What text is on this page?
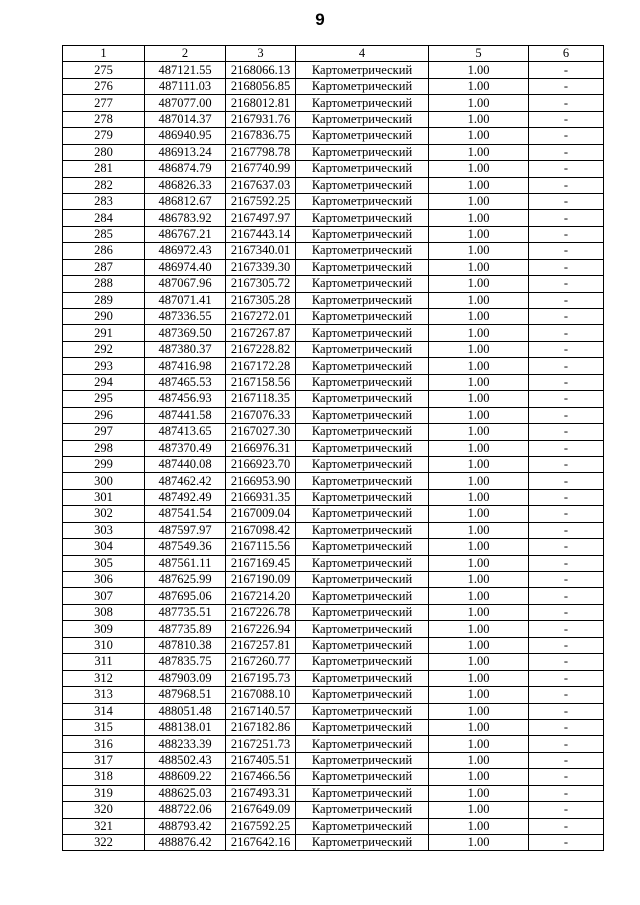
9
1	2	3	4	5	6
275	487121.55	2168066.13	Картометрический	1.00	-
276	487111.03	2168056.85	Картометрический	1.00	-
277	487077.00	2168012.81	Картометрический	1.00	-
278	487014.37	2167931.76	Картометрический	1.00	-
279	486940.95	2167836.75	Картометрический	1.00	-
280	486913.24	2167798.78	Картометрический	1.00	-
281	486874.79	2167740.99	Картометрический	1.00	-
282	486826.33	2167637.03	Картометрический	1.00	-
283	486812.67	2167592.25	Картометрический	1.00	-
284	486783.92	2167497.97	Картометрический	1.00	-
285	486767.21	2167443.14	Картометрический	1.00	-
286	486972.43	2167340.01	Картометрический	1.00	-
287	486974.40	2167339.30	Картометрический	1.00	-
288	487067.96	2167305.72	Картометрический	1.00	-
289	487071.41	2167305.28	Картометрический	1.00	-
290	487336.55	2167272.01	Картометрический	1.00	-
291	487369.50	2167267.87	Картометрический	1.00	-
292	487380.37	2167228.82	Картометрический	1.00	-
293	487416.98	2167172.28	Картометрический	1.00	-
294	487465.53	2167158.56	Картометрический	1.00	-
295	487456.93	2167118.35	Картометрический	1.00	-
296	487441.58	2167076.33	Картометрический	1.00	-
297	487413.65	2167027.30	Картометрический	1.00	-
298	487370.49	2166976.31	Картометрический	1.00	-
299	487440.08	2166923.70	Картометрический	1.00	-
300	487462.42	2166953.90	Картометрический	1.00	-
301	487492.49	2166931.35	Картометрический	1.00	-
302	487541.54	2167009.04	Картометрический	1.00	-
303	487597.97	2167098.42	Картометрический	1.00	-
304	487549.36	2167115.56	Картометрический	1.00	-
305	487561.11	2167169.45	Картометрический	1.00	-
306	487625.99	2167190.09	Картометрический	1.00	-
307	487695.06	2167214.20	Картометрический	1.00	-
308	487735.51	2167226.78	Картометрический	1.00	-
309	487735.89	2167226.94	Картометрический	1.00	-
310	487810.38	2167257.81	Картометрический	1.00	-
311	487835.75	2167260.77	Картометрический	1.00	-
312	487903.09	2167195.73	Картометрический	1.00	-
313	487968.51	2167088.10	Картометрический	1.00	-
314	488051.48	2167140.57	Картометрический	1.00	-
315	488138.01	2167182.86	Картометрический	1.00	-
316	488233.39	2167251.73	Картометрический	1.00	-
317	488502.43	2167405.51	Картометрический	1.00	-
318	488609.22	2167466.56	Картометрический	1.00	-
319	488625.03	2167493.31	Картометрический	1.00	-
320	488722.06	2167649.09	Картометрический	1.00	-
321	488793.42	2167592.25	Картометрический	1.00	-
322	488876.42	2167642.16	Картометрический	1.00	-
